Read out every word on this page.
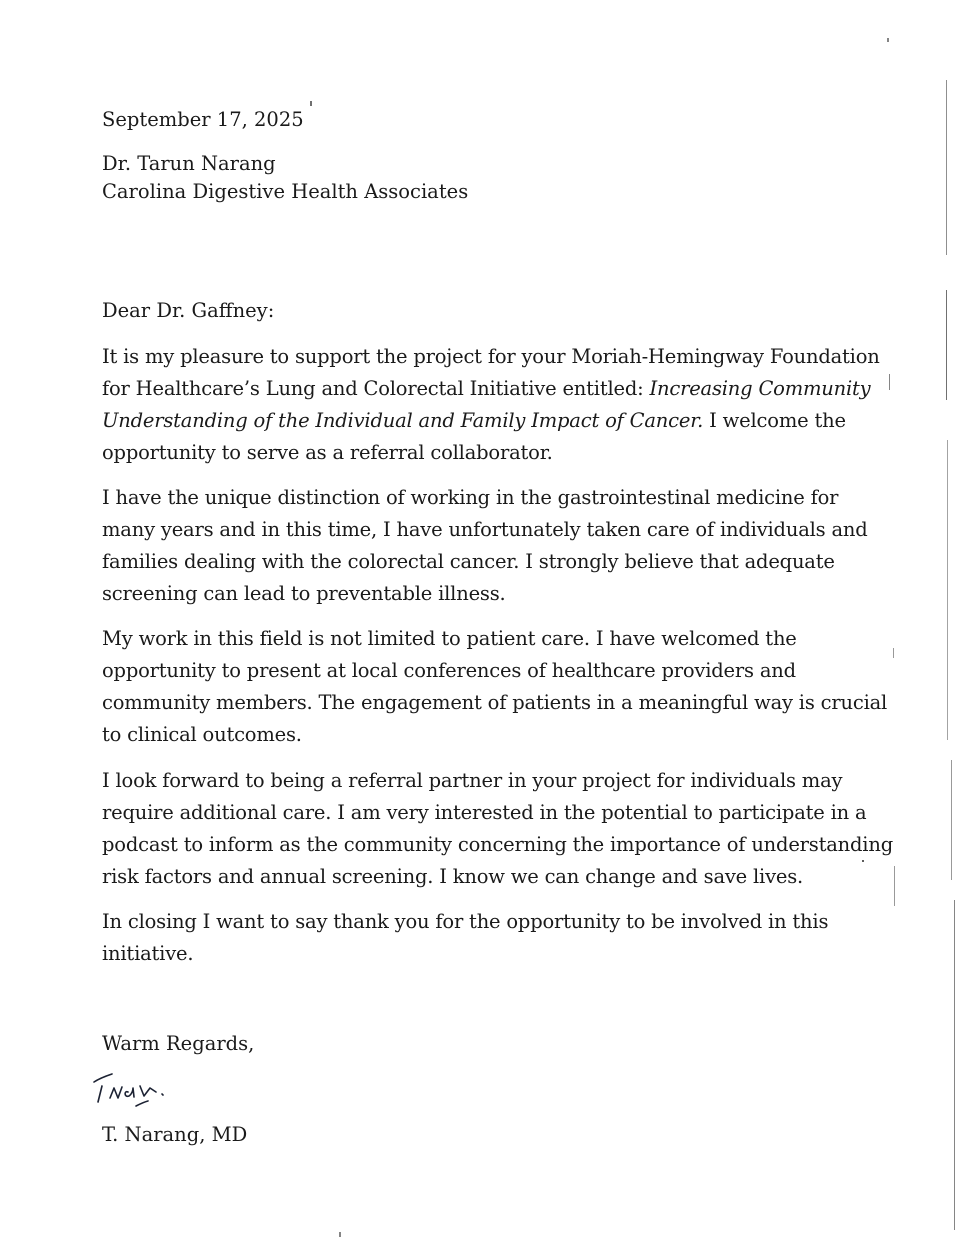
September 17, 2025
Dr. Tarun Narang
Carolina Digestive Health Associates
Dear Dr. Gaffney:
It is my pleasure to support the project for your Moriah-Hemingway Foundation
for Healthcare’s Lung and Colorectal Initiative entitled: Increasing Community
Understanding of the Individual and Family Impact of Cancer. I welcome the
opportunity to serve as a referral collaborator.
I have the unique distinction of working in the gastrointestinal medicine for
many years and in this time, I have unfortunately taken care of individuals and
families dealing with the colorectal cancer. I strongly believe that adequate
screening can lead to preventable illness.
My work in this field is not limited to patient care. I have welcomed the
opportunity to present at local conferences of healthcare providers and
community members. The engagement of patients in a meaningful way is crucial
to clinical outcomes.
I look forward to being a referral partner in your project for individuals may
require additional care. I am very interested in the potential to participate in a
podcast to inform as the community concerning the importance of understanding
risk factors and annual screening. I know we can change and save lives.
In closing I want to say thank you for the opportunity to be involved in this
initiative.
Warm Regards,
T. Narang, MD
